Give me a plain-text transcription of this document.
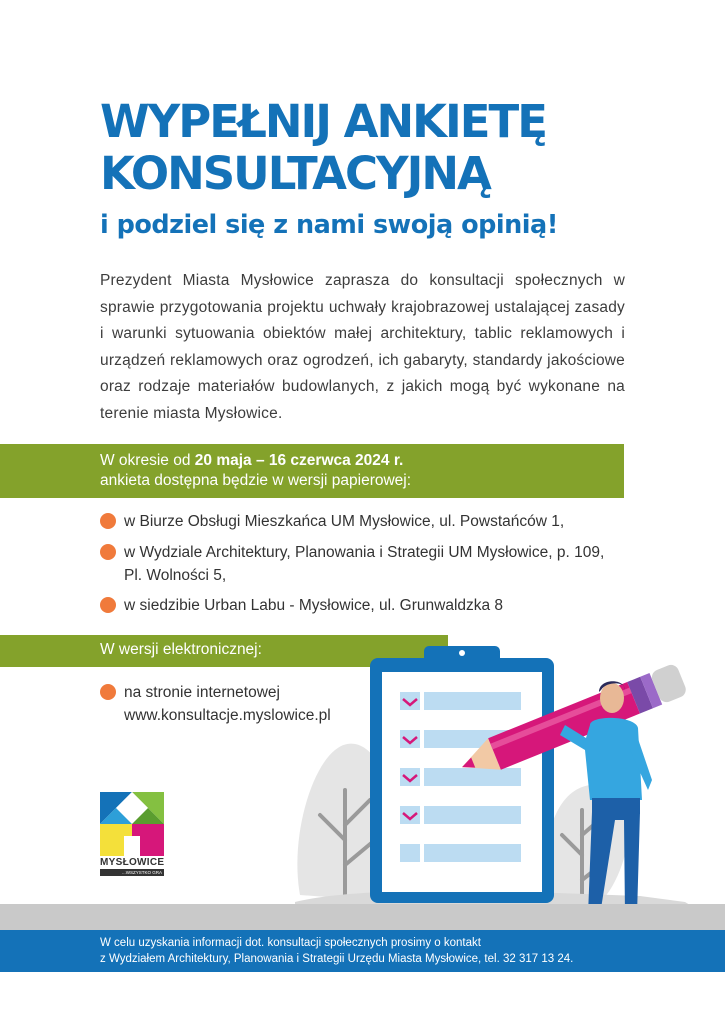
WYPEŁNIJ ANKIETĘ
KONSULTACYJNĄ
i podziel się z nami swoją opinią!
Prezydent Miasta Mysłowice zaprasza do konsultacji społecznych w sprawie przygotowania projektu uchwały krajobrazowej ustalającej zasady i warunki sytuowania obiektów małej architektury, tablic reklamowych i urządzeń reklamowych oraz ogrodzeń, ich gabaryty, standardy jakościowe oraz rodzaje materiałów budowlanych, z jakich mogą być wykonane na terenie miasta Mysłowice.
W okresie od 20 maja – 16 czerwca 2024 r.
ankieta dostępna będzie w wersji papierowej:
w Biurze Obsługi Mieszkańca UM Mysłowice, ul. Powstańców 1,
w Wydziale Architektury, Planowania i Strategii UM Mysłowice, p. 109, Pl. Wolności 5,
w siedzibie Urban Labu - Mysłowice, ul. Grunwaldzka 8
W wersji elektronicznej:
na stronie internetowej
www.konsultacje.myslowice.pl
MYSŁOWICE
...WSZYSTKO GRA
W celu uzyskania informacji dot. konsultacji społecznych prosimy o kontakt
z Wydziałem Architektury, Planowania i Strategii Urzędu Miasta Mysłowice, tel. 32 317 13 24.
